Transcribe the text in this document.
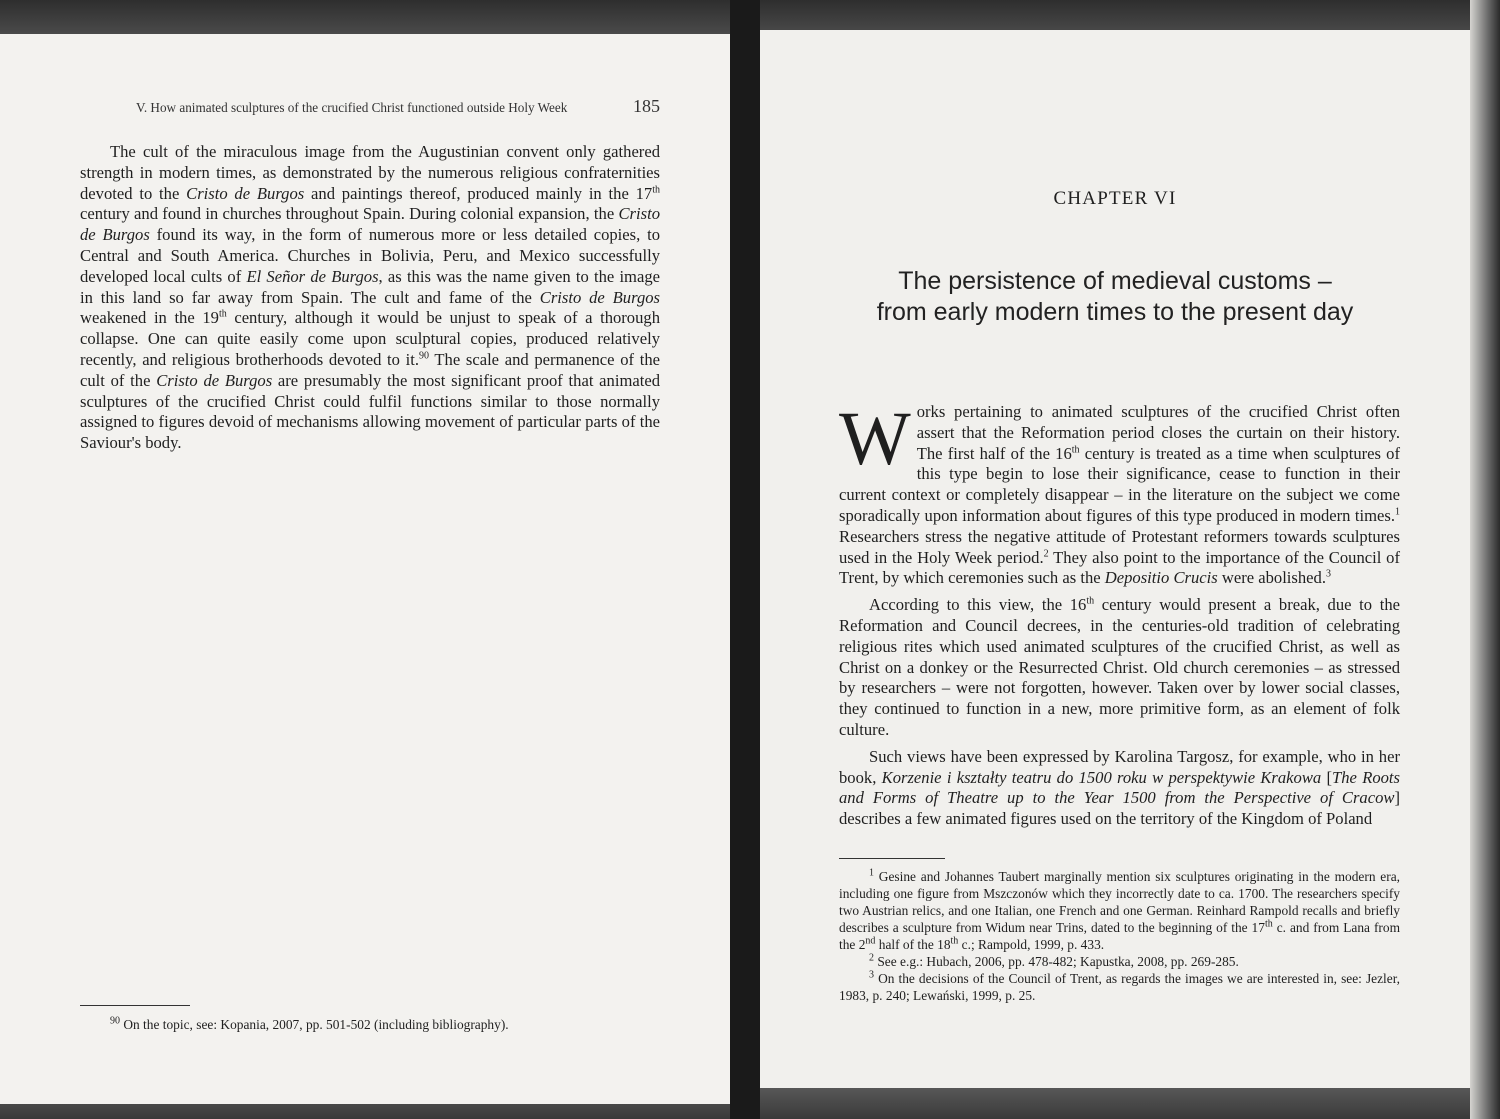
V. How animated sculptures of the crucified Christ functioned outside Holy Week	185

The cult of the miraculous image from the Augustinian convent only gathered strength in modern times, as demonstrated by the numerous religious confraternities devoted to the Cristo de Burgos and paintings thereof, produced mainly in the 17th century and found in churches throughout Spain. During colonial expansion, the Cristo de Burgos found its way, in the form of numerous more or less detailed copies, to Central and South America. Churches in Bolivia, Peru, and Mexico successfully developed local cults of El Señor de Burgos, as this was the name given to the image in this land so far away from Spain. The cult and fame of the Cristo de Burgos weakened in the 19th century, although it would be unjust to speak of a thorough collapse. One can quite easily come upon sculptural copies, produced relatively recently, and religious brotherhoods devoted to it.$^{90}$ The scale and permanence of the cult of the Cristo de Burgos are presumably the most significant proof that animated sculptures of the crucified Christ could fulfil functions similar to those normally assigned to figures devoid of mechanisms allowing movement of particular parts of the Saviour's body.

$^{90}$ On the topic, see: Kopania, 2007, pp. 501-502 (including bibliography).

CHAPTER VI
The persistence of medieval customs –
from early modern times to the present day

Works pertaining to animated sculptures of the crucified Christ often assert that the Reformation period closes the curtain on their history. The first half of the 16th century is treated as a time when sculptures of this type begin to lose their significance, cease to function in their current context or completely disappear – in the literature on the subject we come sporadically upon information about figures of this type produced in modern times.$^1$ Researchers stress the negative attitude of Protestant reformers towards sculptures used in the Holy Week period.$^2$ They also point to the importance of the Council of Trent, by which ceremonies such as the Depositio Crucis were abolished.$^3$

According to this view, the 16th century would present a break, due to the Reformation and Council decrees, in the centuries-old tradition of celebrating religious rites which used animated sculptures of the crucified Christ, as well as Christ on a donkey or the Resurrected Christ. Old church ceremonies – as stressed by researchers – were not forgotten, however. Taken over by lower social classes, they continued to function in a new, more primitive form, as an element of folk culture.

Such views have been expressed by Karolina Targosz, for example, who in her book, Korzenie i kształty teatru do 1500 roku w perspektywie Krakowa [The Roots and Forms of Theatre up to the Year 1500 from the Perspective of Cracow] describes a few animated figures used on the territory of the Kingdom of Poland

$^1$ Gesine and Johannes Taubert marginally mention six sculptures originating in the modern era, including one figure from Mszczonów which they incorrectly date to ca. 1700. The researchers specify two Austrian relics, and one Italian, one French and one German. Reinhard Rampold recalls and briefly describes a sculpture from Widum near Trins, dated to the beginning of the 17th c. and from Lana from the 2nd half of the 18th c.; Rampold, 1999, p. 433.

$^2$ See e.g.: Hubach, 2006, pp. 478-482; Kapustka, 2008, pp. 269-285.

$^3$ On the decisions of the Council of Trent, as regards the images we are interested in, see: Jezler, 1983, p. 240; Lewański, 1999, p. 25.
